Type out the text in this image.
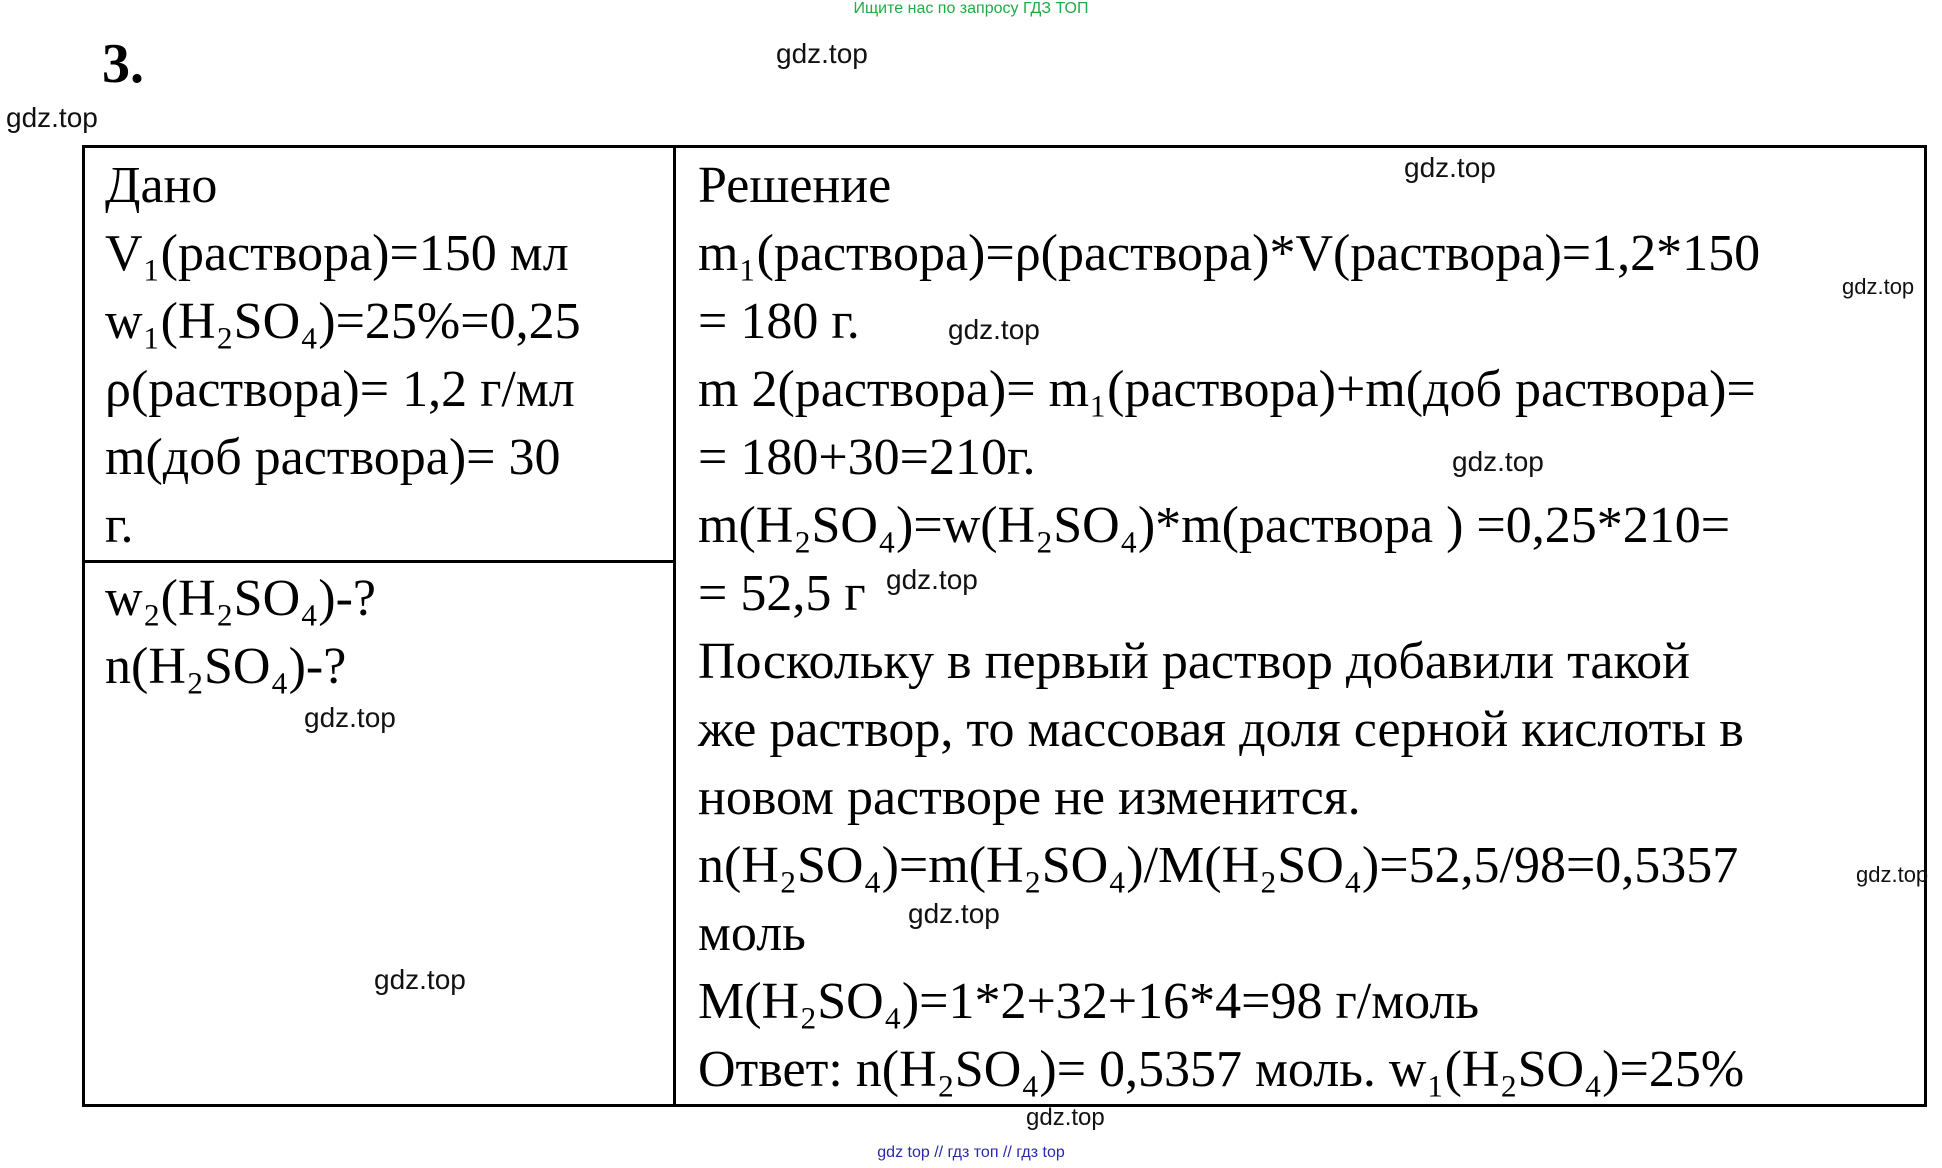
Ищите нас по запросу ГДЗ ТОП
3.
Дано
V₁(раствора)=150 мл
w₁(H₂SO₄)=25%=0,25
ρ(раствора)= 1,2 г/мл
m(доб раствора)= 30
г.

Решение
m₁(раствора)=ρ(раствора)*V(раствора)=1,2*150
= 180 г.
m 2(раствора)= m₁(раствора)+m(доб раствора)=
= 180+30=210г.
m(H₂SO₄)=w(H₂SO₄)*m(раствора ) =0,25*210=
= 52,5 г
Поскольку в первый раствор добавили такой
же раствор, то массовая доля серной кислоты в
новом растворе не изменится.
n(H₂SO₄)=m(H₂SO₄)/M(H₂SO₄)=52,5/98=0,5357
моль
M(H₂SO₄)=1*2+32+16*4=98 г/моль
Ответ: n(H₂SO₄)= 0,5357 моль. w₁(H₂SO₄)=25%

w₂(H₂SO₄)-?
n(H₂SO₄)-?
gdz.top
gdz.top
gdz.top
gdz.top
gdz.top
gdz.top
gdz.top
gdz.top
gdz.top
gdz.top
gdz.top
gdz.top
gdz top // гдз топ // гдз top
